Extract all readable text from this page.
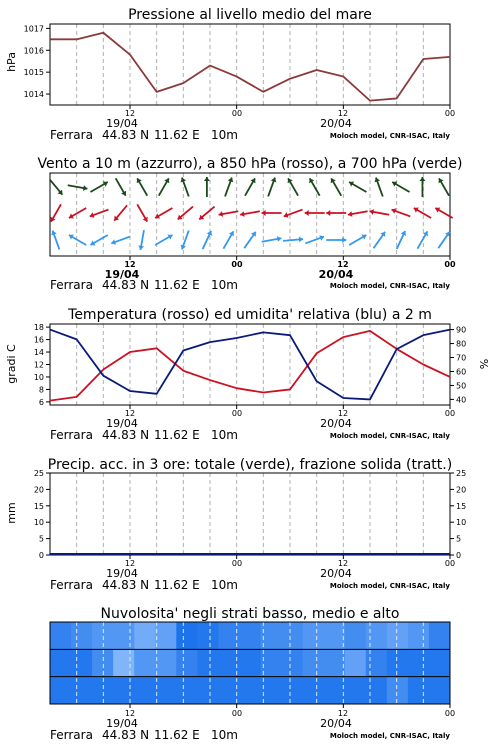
Pressione al livello medio del mare
Vento a 10 m (azzurro), a 850 hPa (rosso), a 700 hPa (verde)
Temperatura (rosso) ed umidita' relativa (blu) a 2 m
Precip. acc. in 3 ore: totale (verde), frazione solida (tratt.)
Nuvolosita' negli strati basso, medio e alto
hPa
gradi C	%
mm
1014
1015
1016
1017
6
8
10
12
14
16
18
40
50
60
70
80
90
0
5
10
15
20
25
0
5
10
15
20
25
12	00	12	00
19/04	20/04
Ferrara 44.83 N 11.62 E 10m	Moloch model, CNR-ISAC, Italy
12	00	12	00
19/04	20/04
Ferrara 44.83 N 11.62 E 10m	Moloch model, CNR-ISAC, Italy
12	00	12	00
19/04	20/04
Ferrara 44.83 N 11.62 E 10m	Moloch model, CNR-ISAC, Italy
12	00	12	00
19/04	20/04
Ferrara 44.83 N 11.62 E 10m	Moloch model, CNR-ISAC, Italy
12	00	12	00
19/04	20/04
Ferrara 44.83 N 11.62 E 10m	Moloch model, CNR-ISAC, Italy
